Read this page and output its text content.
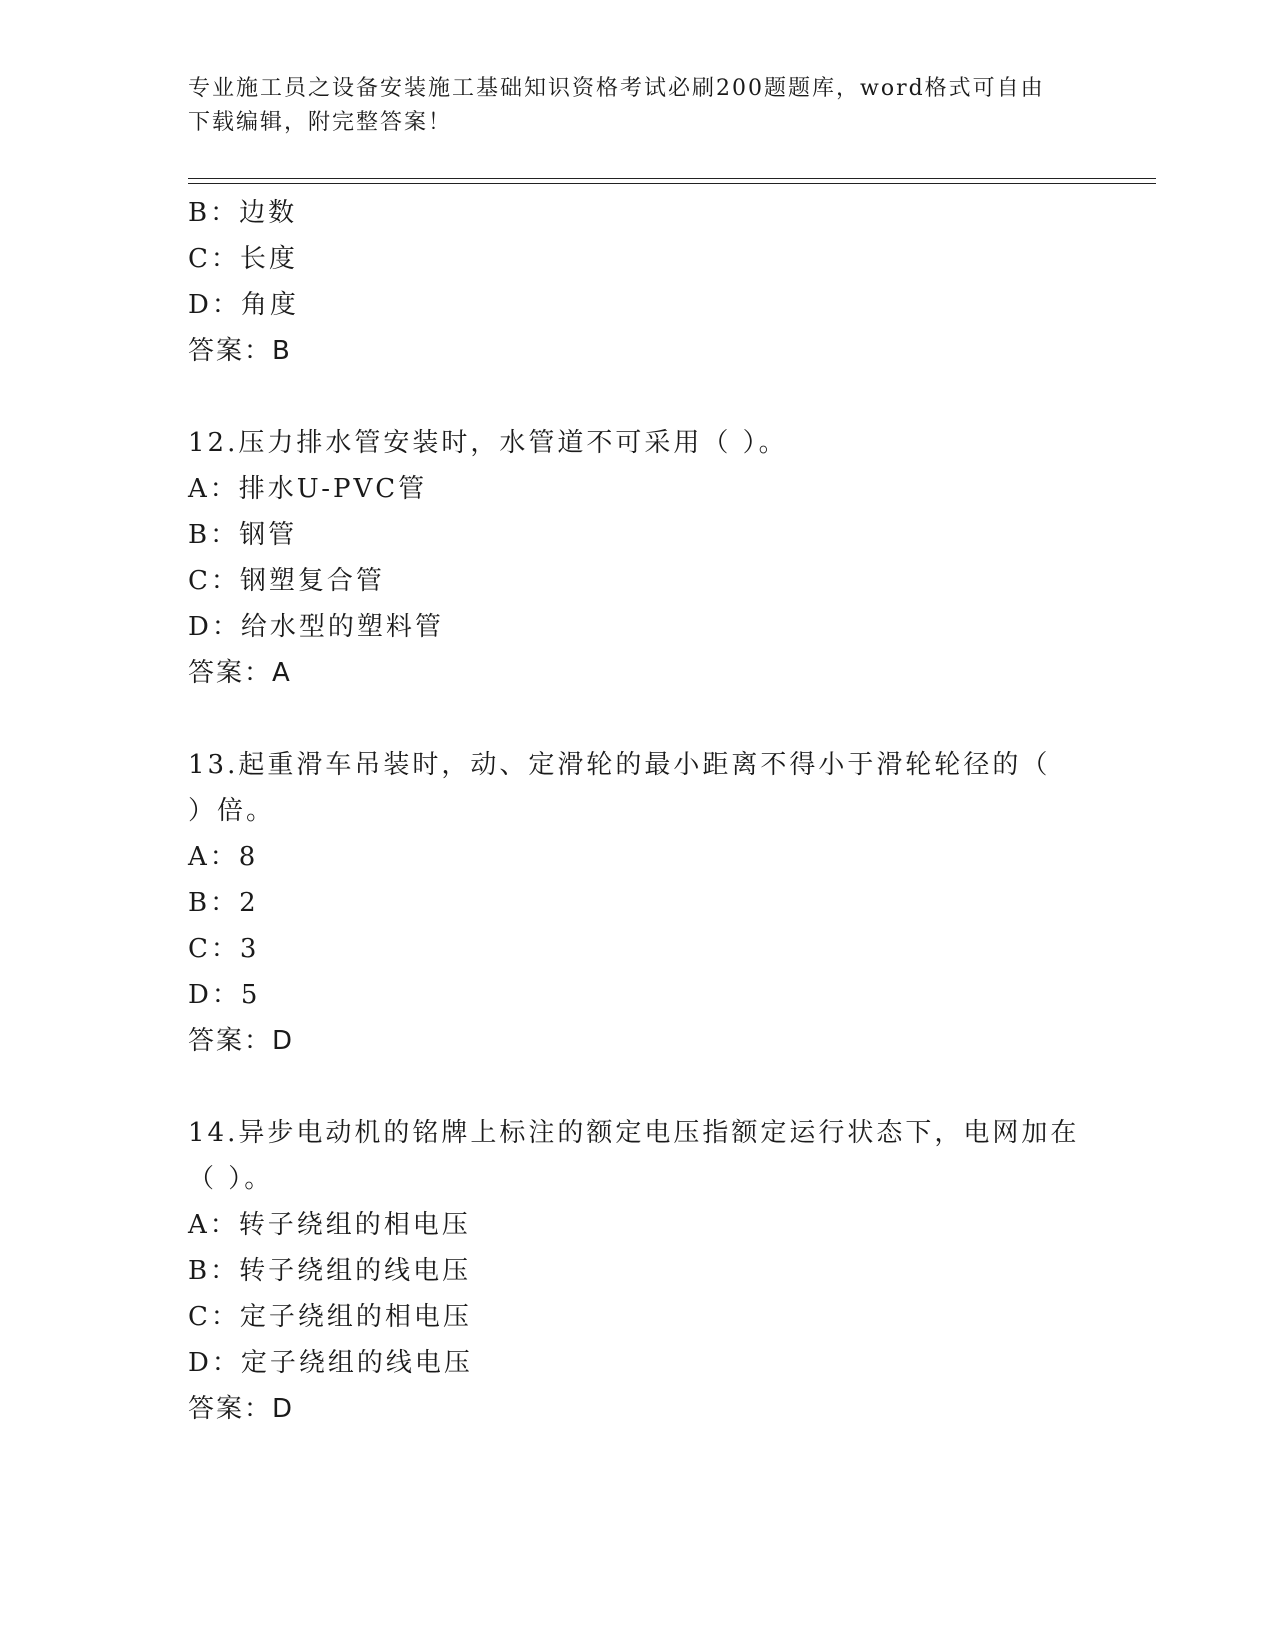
专业施工员之设备安装施工基础知识资格考试必刷200题题库，word格式可自由
下载编辑，附完整答案！
B：边数
C：长度
D：角度
答案：B
12.压力排水管安装时，水管道不可采用（ ）。
A：排水U-PVC管
B：钢管
C：钢塑复合管
D：给水型的塑料管
答案：A
13.起重滑车吊装时，动、定滑轮的最小距离不得小于滑轮轮径的（
）倍。
A：8
B：2
C：3
D：5
答案：D
14.异步电动机的铭牌上标注的额定电压指额定运行状态下，电网加在
（ ）。
A：转子绕组的相电压
B：转子绕组的线电压
C：定子绕组的相电压
D：定子绕组的线电压
答案：D
